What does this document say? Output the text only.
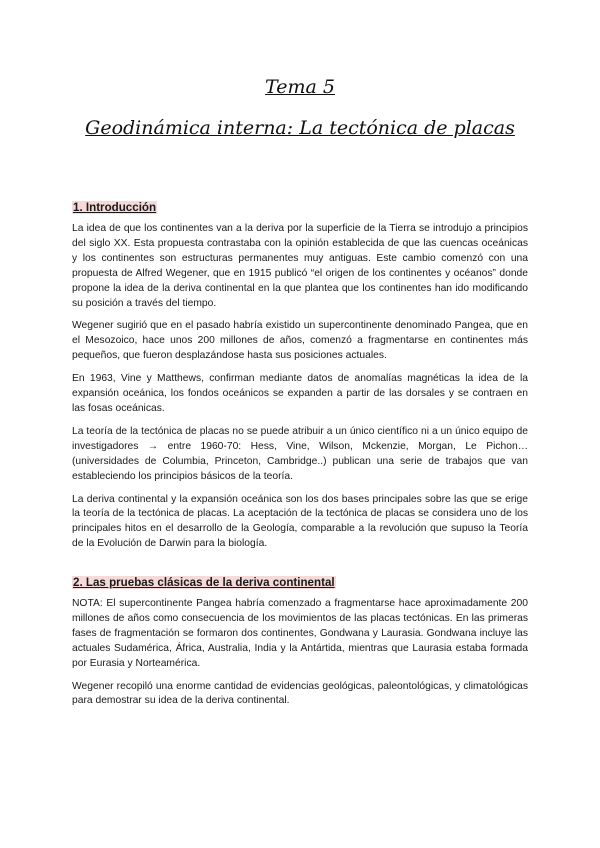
Tema 5
Geodinámica interna: La tectónica de placas
1. Introducción

La idea de que los continentes van a la deriva por la superficie de la Tierra se introdujo a principios del siglo XX. Esta propuesta contrastaba con la opinión establecida de que las cuencas oceánicas y los continentes son estructuras permanentes muy antiguas. Este cambio comenzó con una propuesta de Alfred Wegener, que en 1915 publicó “el origen de los continentes y océanos” donde propone la idea de la deriva continental en la que plantea que los continentes han ido modificando su posición a través del tiempo.

Wegener sugirió que en el pasado habría existido un supercontinente denominado Pangea, que en el Mesozoico, hace unos 200 millones de años, comenzó a fragmentarse en continentes más pequeños, que fueron desplazándose hasta sus posiciones actuales.

En 1963, Vine y Matthews, confirman mediante datos de anomalías magnéticas la idea de la expansión oceánica, los fondos oceánicos se expanden a partir de las dorsales y se contraen en las fosas oceánicas.

La teoría de la tectónica de placas no se puede atribuir a un único científico ni a un único equipo de investigadores → entre 1960-70: Hess, Vine, Wilson, Mckenzie, Morgan, Le Pichon… (universidades de Columbia, Princeton, Cambridge..) publican una serie de trabajos que van estableciendo los principios básicos de la teoría.

La deriva continental y la expansión oceánica son los dos bases principales sobre las que se erige la teoría de la tectónica de placas. La aceptación de la tectónica de placas se considera uno de los principales hitos en el desarrollo de la Geología, comparable a la revolución que supuso la Teoría de la Evolución de Darwin para la biología.

2. Las pruebas clásicas de la deriva continental

NOTA: El supercontinente Pangea habría comenzado a fragmentarse hace aproximadamente 200 millones de años como consecuencia de los movimientos de las placas tectónicas. En las primeras fases de fragmentación se formaron dos continentes, Gondwana y Laurasia. Gondwana incluye las actuales Sudamérica, África, Australia, India y la Antártida, mientras que Laurasia estaba formada por Eurasia y Norteamérica.

Wegener recopiló una enorme cantidad de evidencias geológicas, paleontológicas, y climatológicas para demostrar su idea de la deriva continental.
